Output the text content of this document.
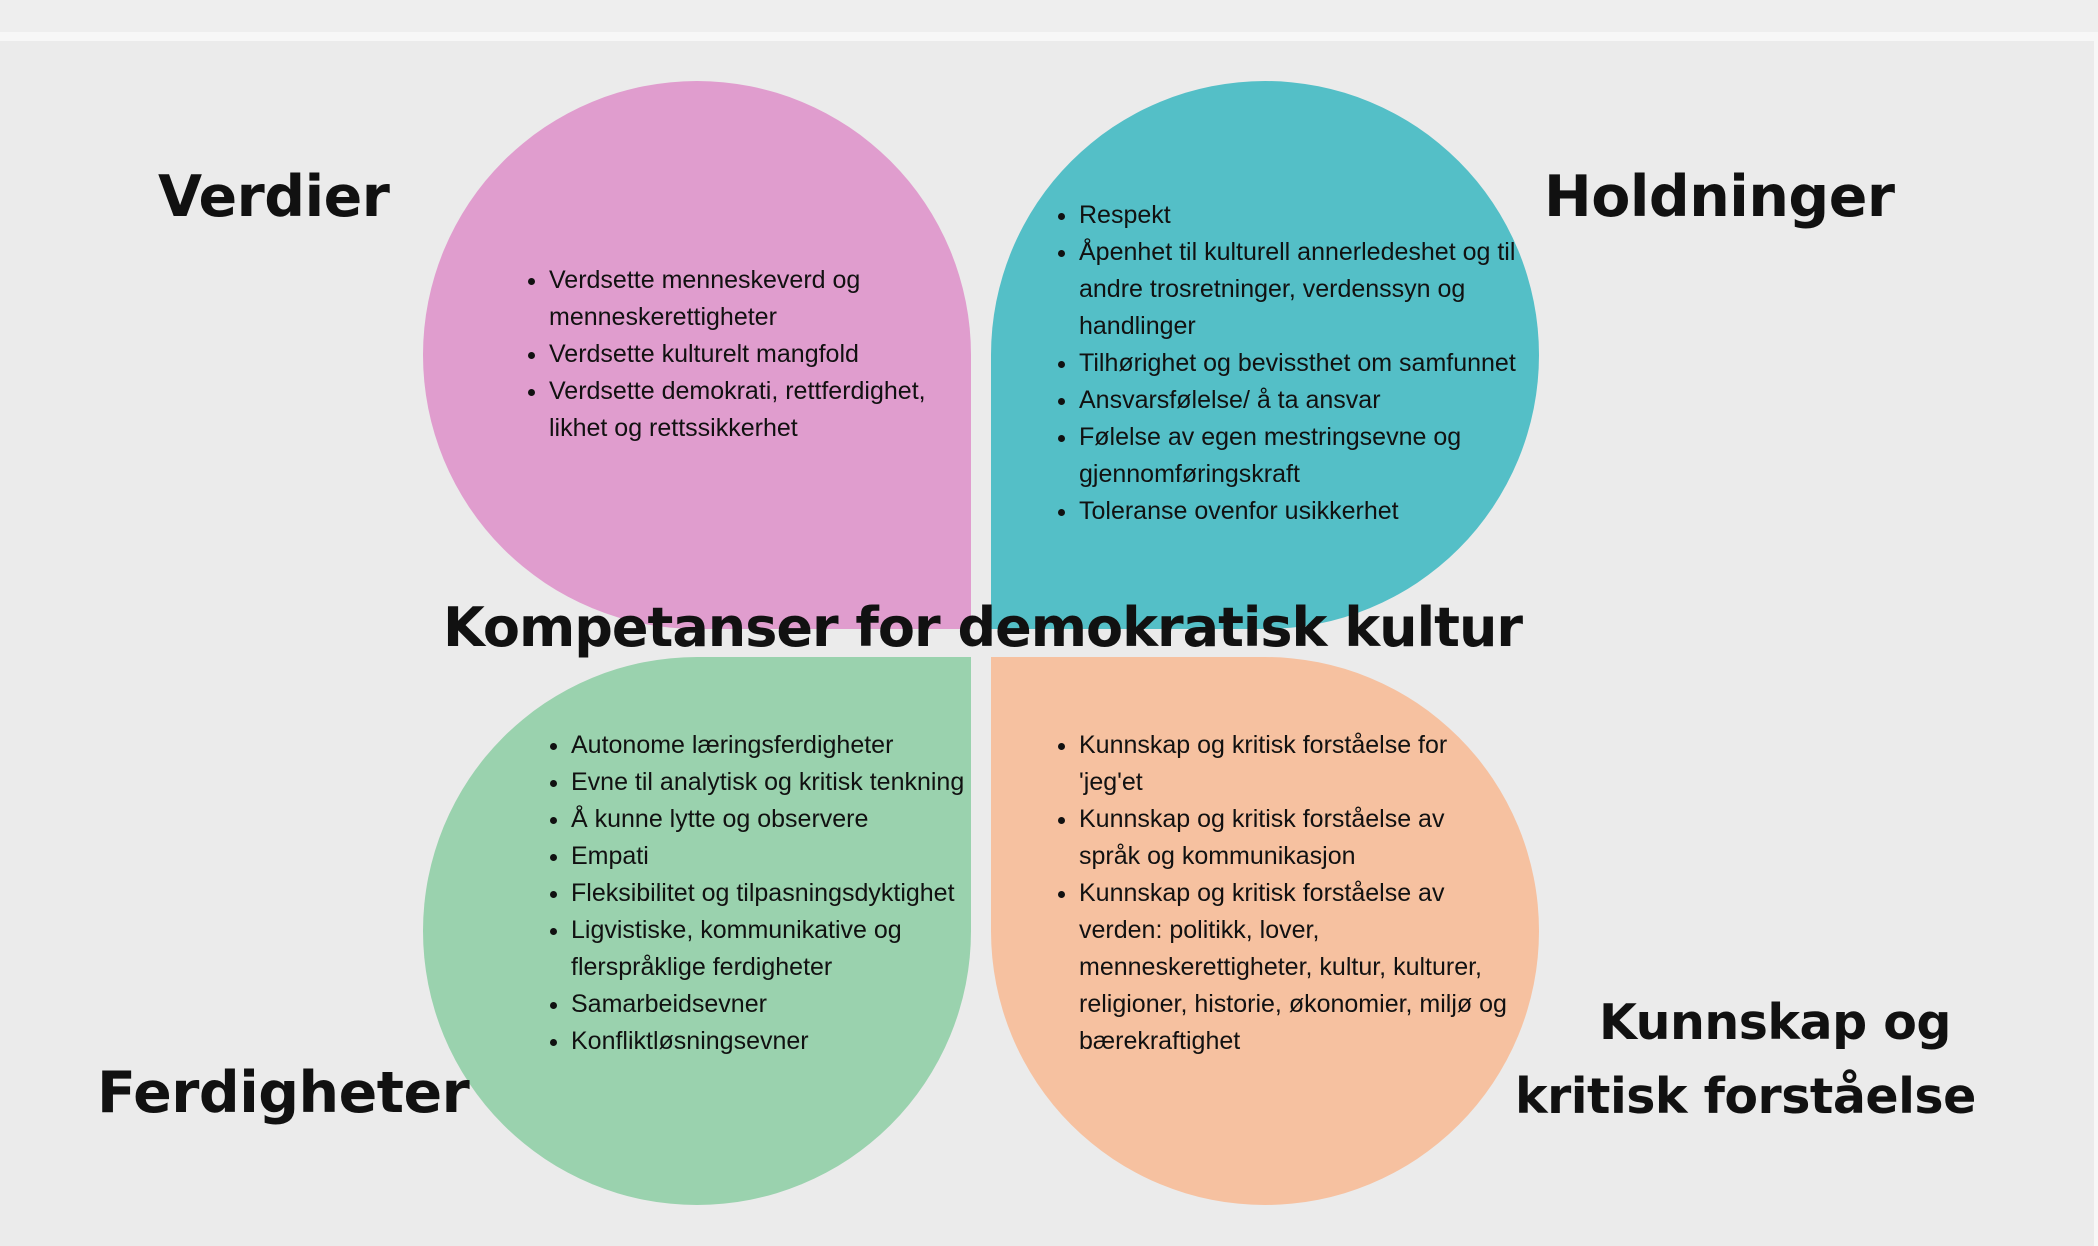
• Verdsette menneskeverd og menneskerettigheter
• Verdsette kulturelt mangfold
• Verdsette demokrati, rettferdighet, likhet og rettssikkerhet
• Respekt
• Åpenhet til kulturell annerledeshet og til andre trosretninger, verdenssyn og handlinger
• Tilhørighet og bevissthet om samfunnet
• Ansvarsfølelse/ å ta ansvar
• Følelse av egen mestringsevne og gjennomføringskraft
• Toleranse ovenfor usikkerhet
• Autonome læringsferdigheter
• Evne til analytisk og kritisk tenkning
• Å kunne lytte og observere
• Empati
• Fleksibilitet og tilpasningsdyktighet
• Ligvistiske, kommunikative og flerspråklige ferdigheter
• Samarbeidsevner
• Konfliktløsningsevner
• Kunnskap og kritisk forståelse for 'jeg'et
• Kunnskap og kritisk forståelse av språk og kommunikasjon
• Kunnskap og kritisk forståelse av verden: politikk, lover, menneskerettigheter, kultur, kulturer, religioner, historie, økonomier, miljø og bærekraftighet
Verdier	Holdninger
Ferdigheter
Kunnskap og
kritisk forståelse
Kompetanser for demokratisk kultur
